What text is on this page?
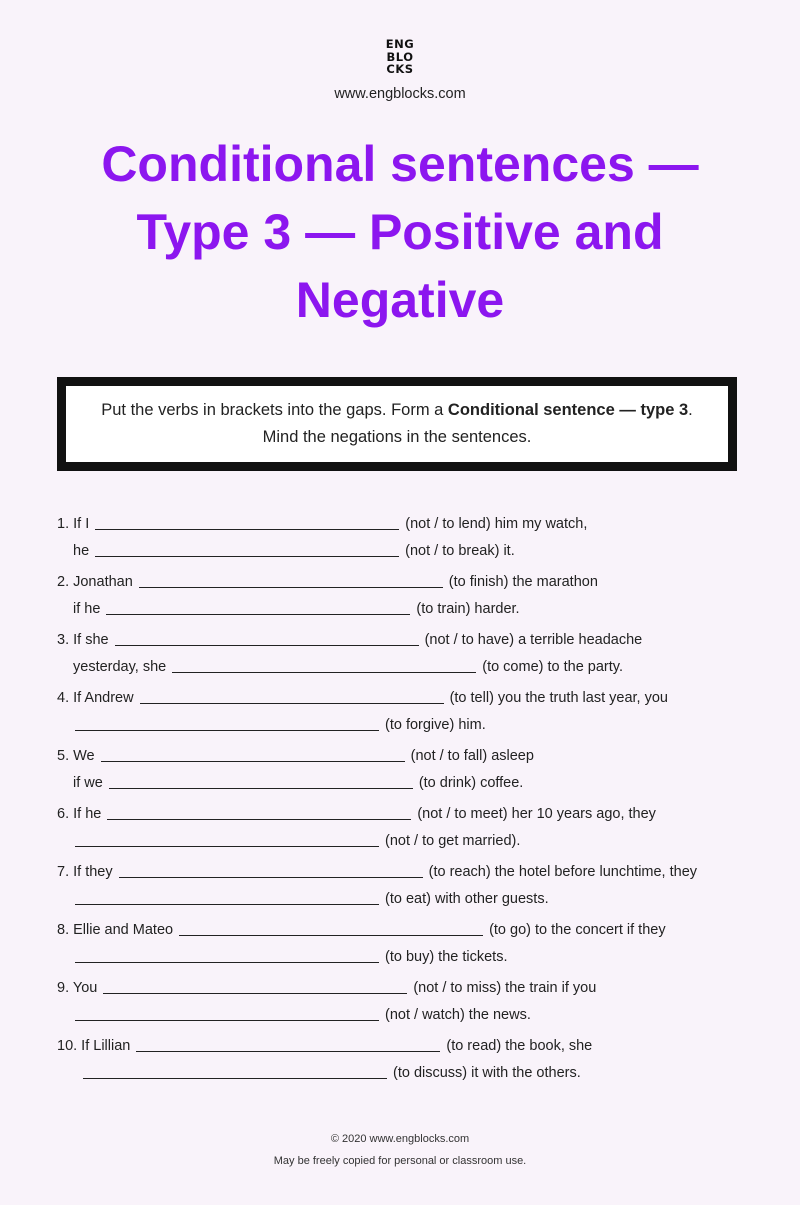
ENG
BLO
CKS
www.engblocks.com
Conditional sentences — Type 3 — Positive and Negative
Put the verbs in brackets into the gaps. Form a Conditional sentence — type 3. Mind the negations in the sentences.
1. If I	(not / to lend) him my watch,
he	(not / to break) it.
2. Jonathan	(to finish) the marathon
if he	(to train) harder.
3. If she	(not / to have) a terrible headache
yesterday, she	(to come) to the party.
4. If Andrew	(to tell) you the truth last year, you
(to forgive) him.
5. We	(not / to fall) asleep
if we	(to drink) coffee.
6. If he	(not / to meet) her 10 years ago, they
(not / to get married).
7. If they	(to reach) the hotel before lunchtime, they
(to eat) with other guests.
8. Ellie and Mateo	(to go) to the concert if they
(to buy) the tickets.
9. You	(not / to miss) the train if you
(not / watch) the news.
10. If Lillian	(to read) the book, she
(to discuss) it with the others.
© 2020 www.engblocks.com
May be freely copied for personal or classroom use.
